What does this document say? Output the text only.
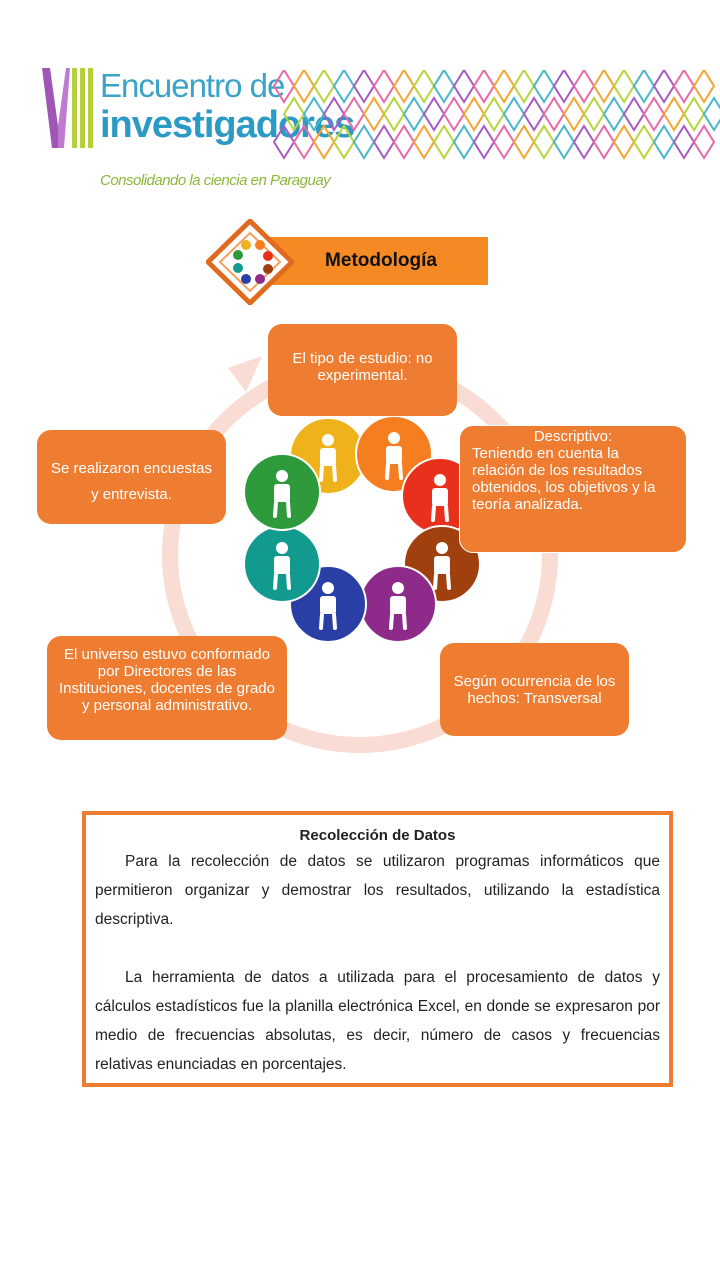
Encuentro de
investigadores
Consolidando la ciencia en Paraguay
Metodología
El tipo de estudio: no experimental.
Descriptivo:
Teniendo en cuenta la relación de los resultados obtenidos, los objetivos y la teoría analizada.
Según ocurrencia de los hechos: Transversal
El universo estuvo conformado por Directores de las Instituciones, docentes de grado y personal administrativo.
Se realizaron encuestas y entrevista.
Recolección de Datos

Para la recolección de datos se utilizaron programas informáticos que permitieron organizar y demostrar los resultados, utilizando la estadística descriptiva.

La herramienta de datos a utilizada para el procesamiento de datos y cálculos estadísticos fue la planilla electrónica Excel, en donde se expresaron por medio de frecuencias absolutas, es decir, número de casos y frecuencias relativas enunciadas en porcentajes.
